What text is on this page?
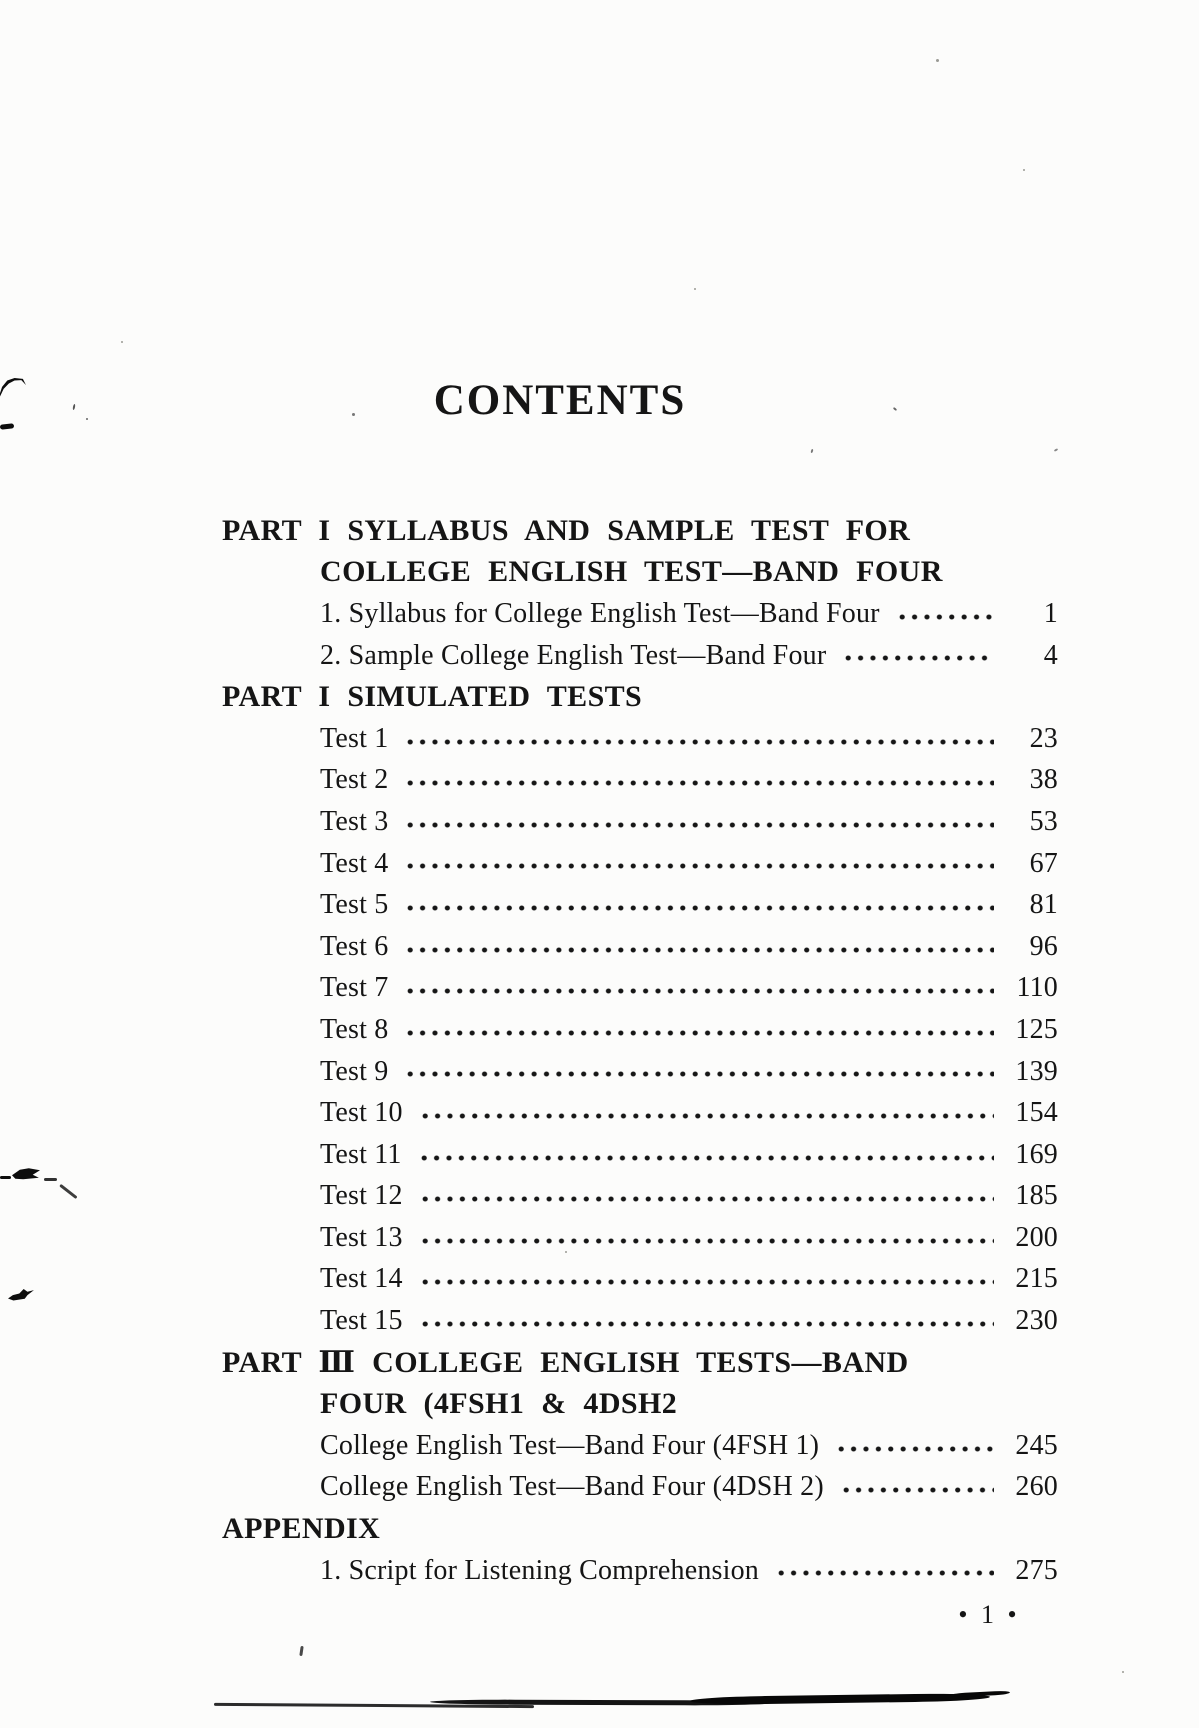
CONTENTS
PART I SYLLABUS AND SAMPLE TEST FOR
COLLEGE ENGLISH TEST—BAND FOUR
1. Syllabus for College English Test—Band Four	1
2. Sample College English Test—Band Four	4
PART I SIMULATED TESTS
Test 1	23
Test 2	38
Test 3	53
Test 4	67
Test 5	81
Test 6	96
Test 7	110
Test 8	125
Test 9	139
Test 10	154
Test 11	169
Test 12	185
Test 13	200
Test 14	215
Test 15	230
PART Ⅲ COLLEGE ENGLISH TESTS—BAND
FOUR (4FSH1 & 4DSH2
College English Test—Band Four (4FSH 1)	245
College English Test—Band Four (4DSH 2)	260
APPENDIX
1. Script for Listening Comprehension	275
• 1 •
